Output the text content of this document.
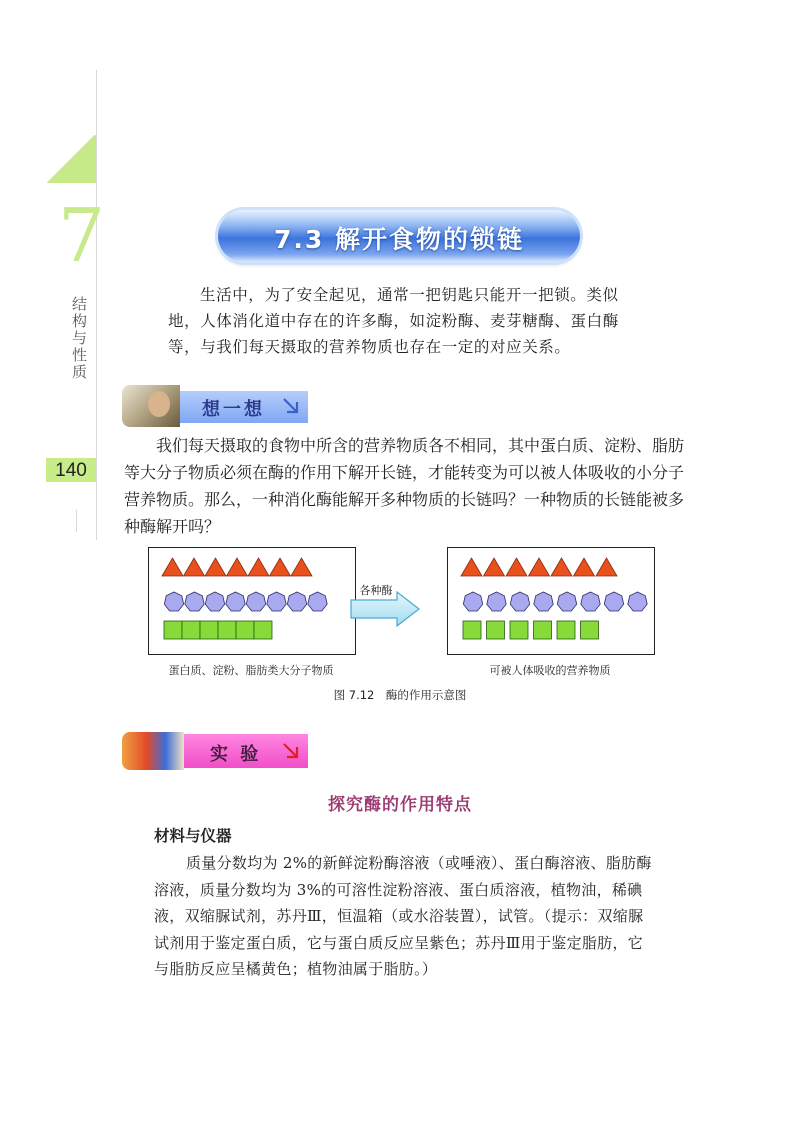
7
结构与性质
140
7.3 解开食物的锁链
生活中，为了安全起见，通常一把钥匙只能开一把锁。类似地，人体消化道中存在的许多酶，如淀粉酶、麦芽糖酶、蛋白酶等，与我们每天摄取的营养物质也存在一定的对应关系。
想一想
我们每天摄取的食物中所含的营养物质各不相同，其中蛋白质、淀粉、脂肪等大分子物质必须在酶的作用下解开长链，才能转变为可以被人体吸收的小分子营养物质。那么，一种消化酶能解开多种物质的长链吗？一种物质的长链能被多种酶解开吗？
各种酶
蛋白质、淀粉、脂肪类大分子物质	可被人体吸收的营养物质
图 7.12　酶的作用示意图
实 验
探究酶的作用特点
材料与仪器
质量分数均为 2%的新鲜淀粉酶溶液（或唾液）、蛋白酶溶液、脂肪酶溶液，质量分数均为 3%的可溶性淀粉溶液、蛋白质溶液，植物油，稀碘液，双缩脲试剂，苏丹Ⅲ，恒温箱（或水浴装置），试管。（提示：双缩脲试剂用于鉴定蛋白质，它与蛋白质反应呈紫色；苏丹Ⅲ用于鉴定脂肪，它与脂肪反应呈橘黄色；植物油属于脂肪。）
